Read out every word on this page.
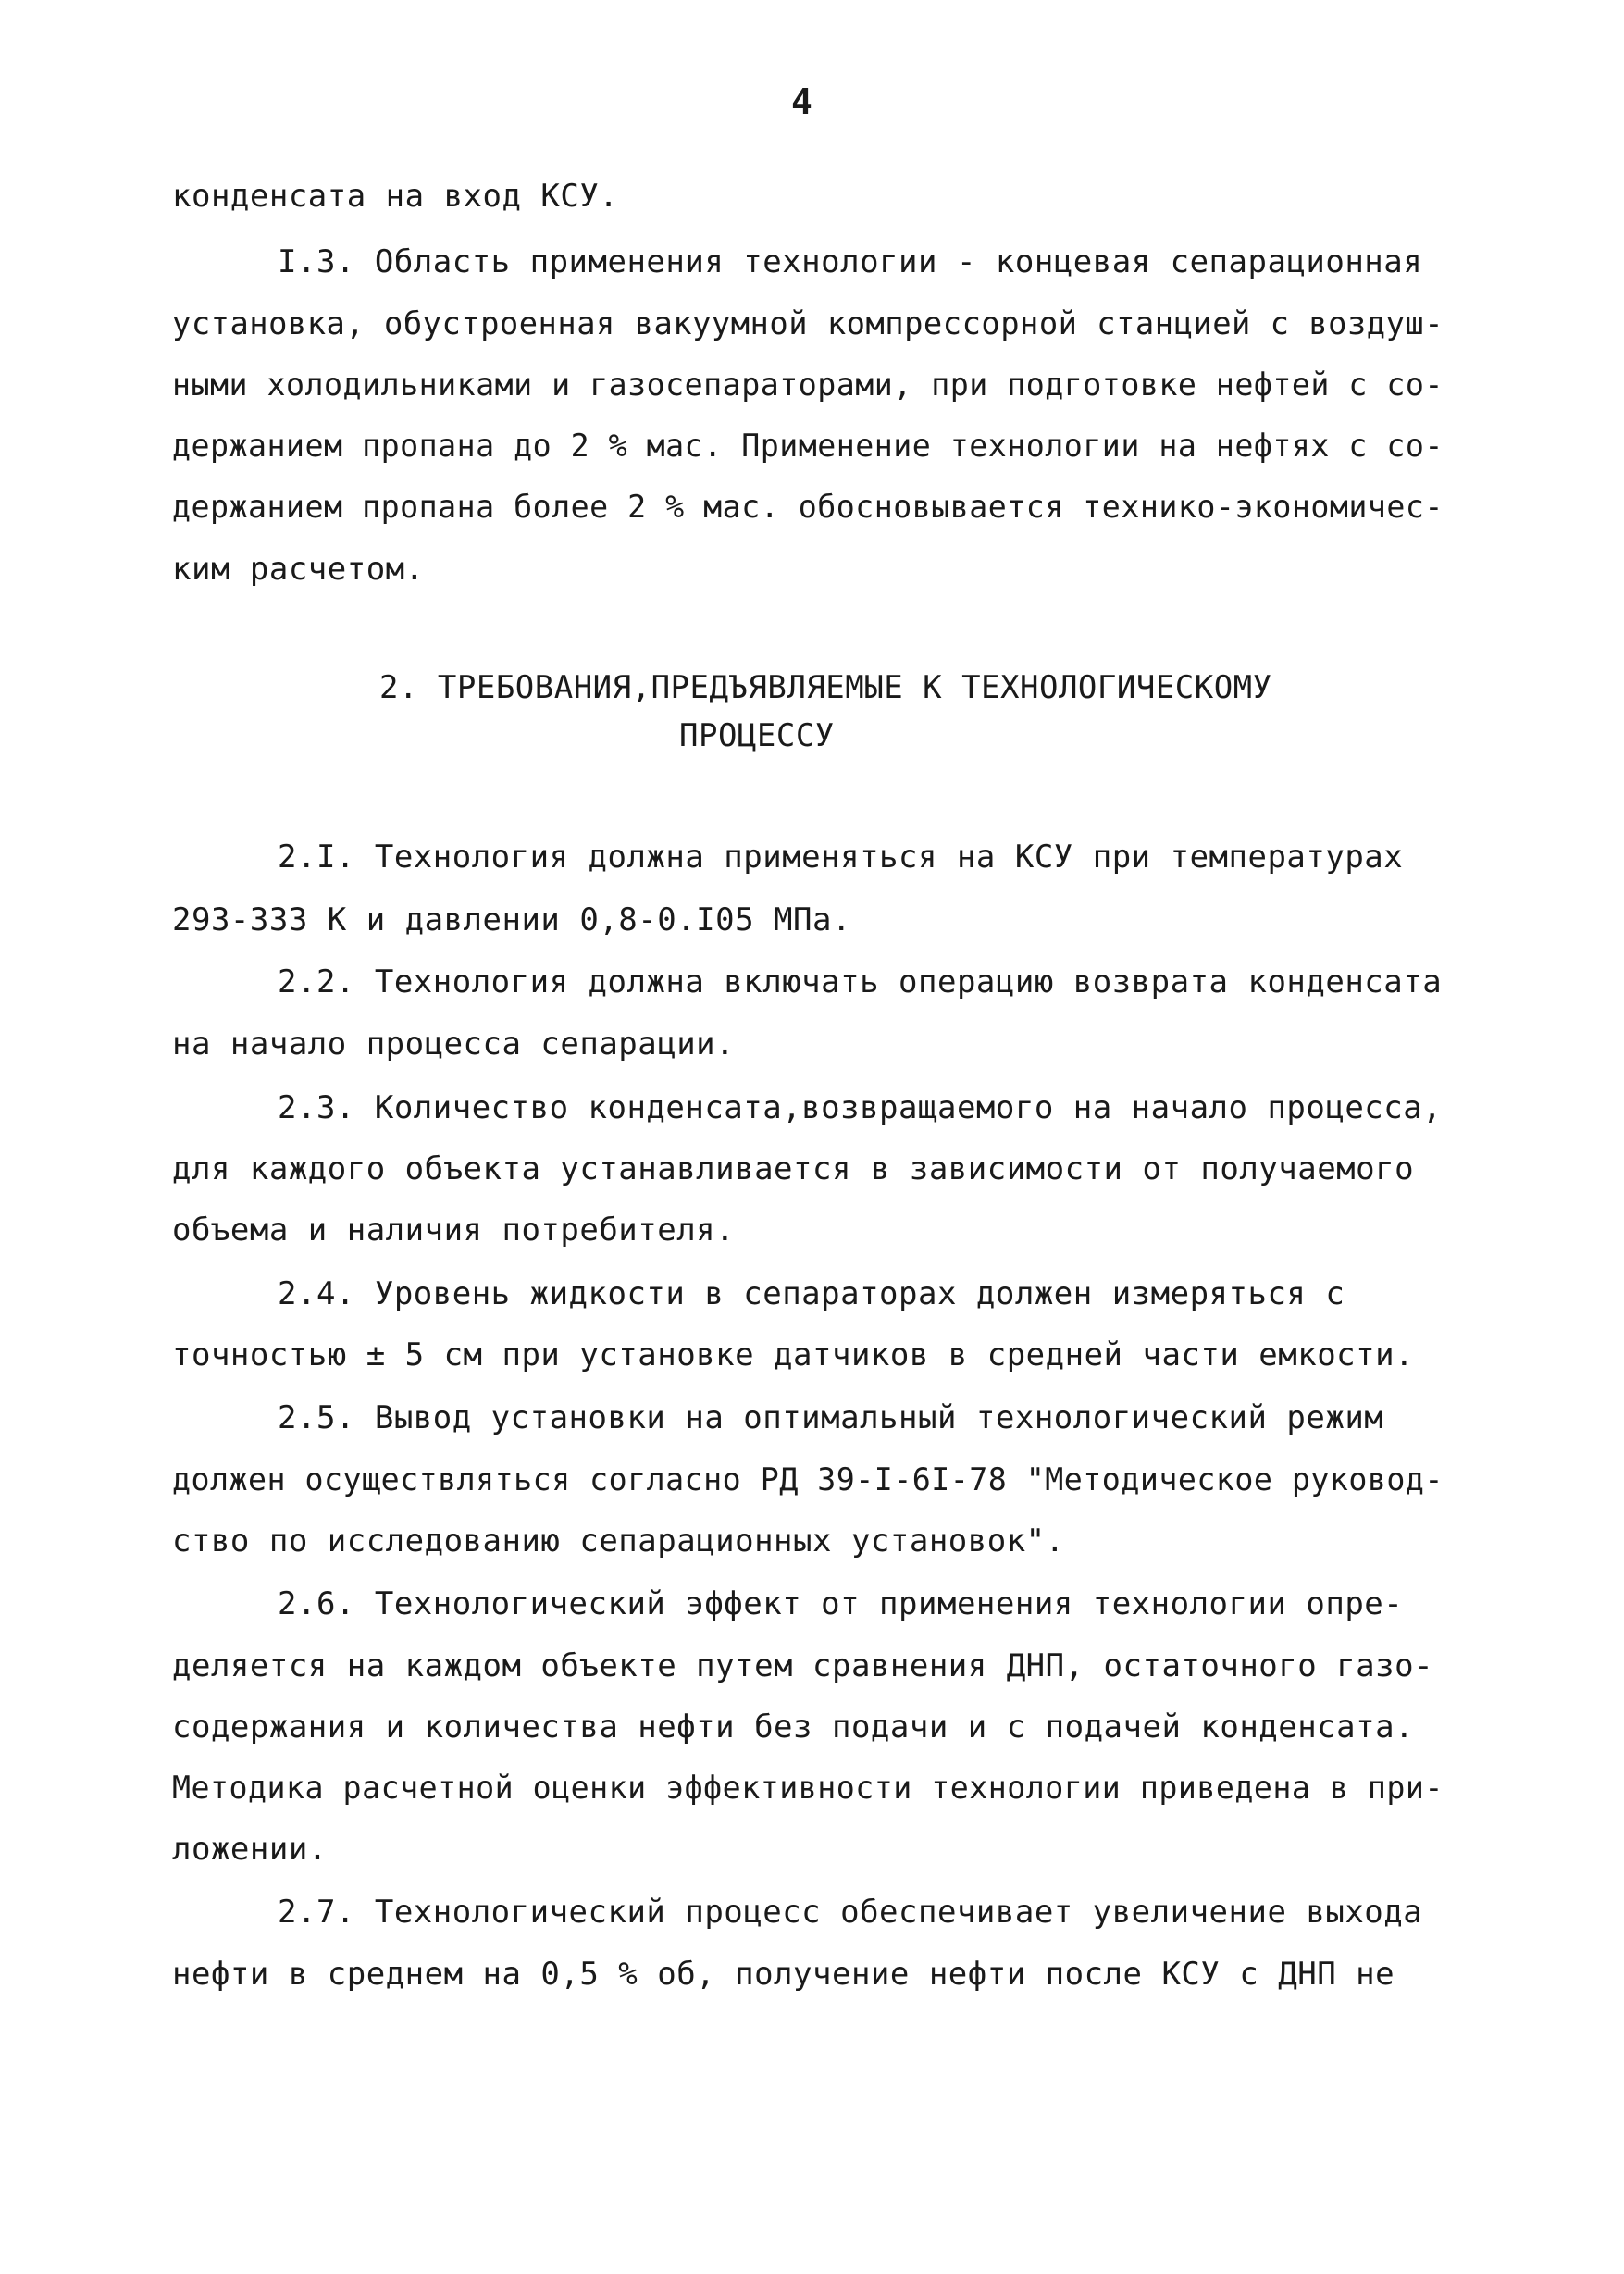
4
конденсата на вход КСУ.
I.3. Область применения технологии - концевая сепарационная
установка, обустроенная вакуумной компрессорной станцией с воздуш-
ными холодильниками и газосепараторами, при подготовке нефтей с со-
держанием пропана до 2 % мас. Применение технологии на нефтях с со-
держанием пропана более 2 % мас. обосновывается технико-экономичес-
ким расчетом.
2. ТРЕБОВАНИЯ,ПРЕДЪЯВЛЯЕМЫЕ К ТЕХНОЛОГИЧЕСКОМУ
ПРОЦЕССУ
2.I. Технология должна применяться на КСУ при температурах
293-333 К и давлении 0,8-0.I05 МПа.
2.2. Технология должна включать операцию возврата конденсата
на начало процесса сепарации.
2.3. Количество конденсата,возвращаемого на начало процесса,
для каждого объекта устанавливается в зависимости от получаемого
объема и наличия потребителя.
2.4. Уровень жидкости в сепараторах должен измеряться с
точностью ± 5 см при установке датчиков в средней части емкости.
2.5. Вывод установки на оптимальный технологический режим
должен осуществляться согласно РД 39-I-6I-78 "Методическое руковод-
ство по исследованию сепарационных установок".
2.6. Технологический эффект от применения технологии опре-
деляется на каждом объекте путем сравнения ДНП, остаточного газо-
содержания и количества нефти без подачи и с подачей конденсата.
Методика расчетной оценки эффективности технологии приведена в при-
ложении.
2.7. Технологический процесс обеспечивает увеличение выхода
нефти в среднем на 0,5 % об, получение нефти после КСУ с ДНП не
